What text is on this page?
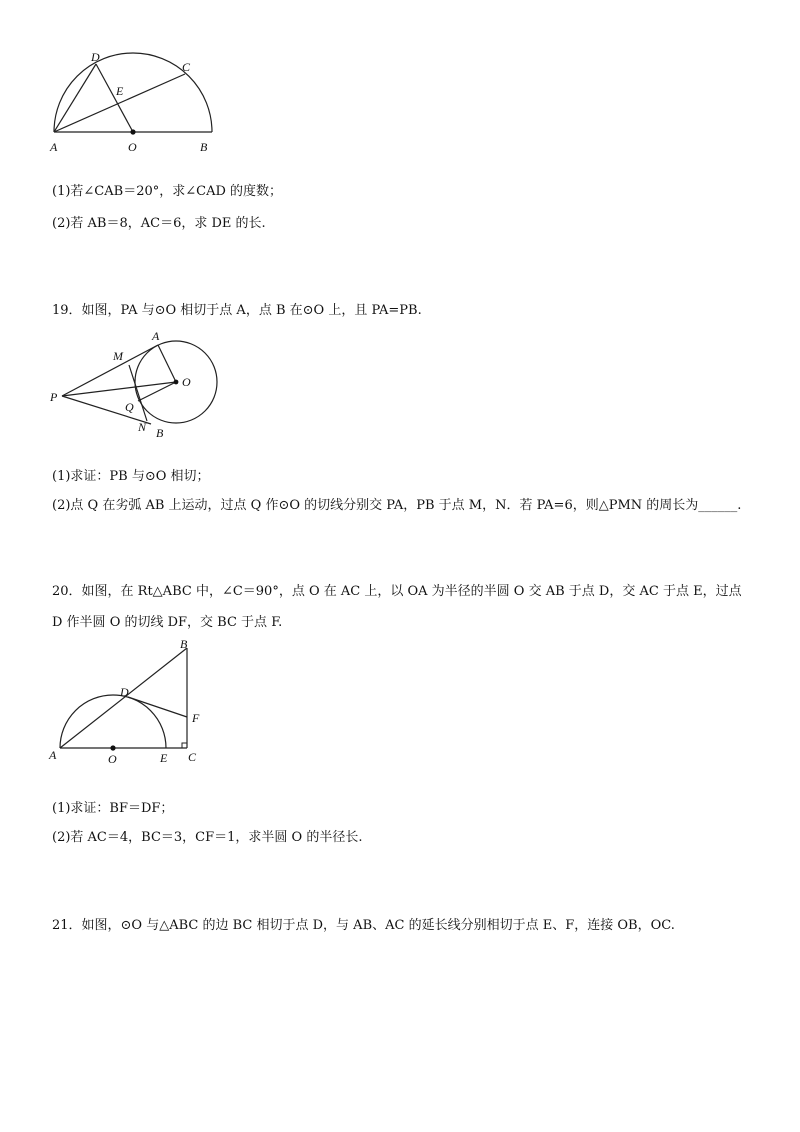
D
C
E
A	O	B
(1)若∠CAB＝20°，求∠CAD 的度数；
(2)若 AB＝8，AC＝6，求 DE 的长.
19．如图，PA 与⊙O 相切于点 A，点 B 在⊙O 上，且 PA=PB.
P
M
A
O
Q
N B
(1)求证：PB 与⊙O 相切；
(2)点 Q 在劣弧 AB 上运动，过点 Q 作⊙O 的切线分别交 PA，PB 于点 M，N．若 PA=6，则△PMN 的周长为______.
20．如图，在 Rt△ABC 中，∠C＝90°，点 O 在 AC 上，以 OA 为半径的半圆 O 交 AB 于点 D，交 AC 于点 E，过点
D 作半圆 O 的切线 DF，交 BC 于点 F.
B
D
F
A	O	E C
(1)求证：BF＝DF；
(2)若 AC＝4，BC＝3，CF＝1，求半圆 O 的半径长.
21．如图，⊙O 与△ABC 的边 BC 相切于点 D，与 AB、AC 的延长线分别相切于点 E、F，连接 OB，OC.
